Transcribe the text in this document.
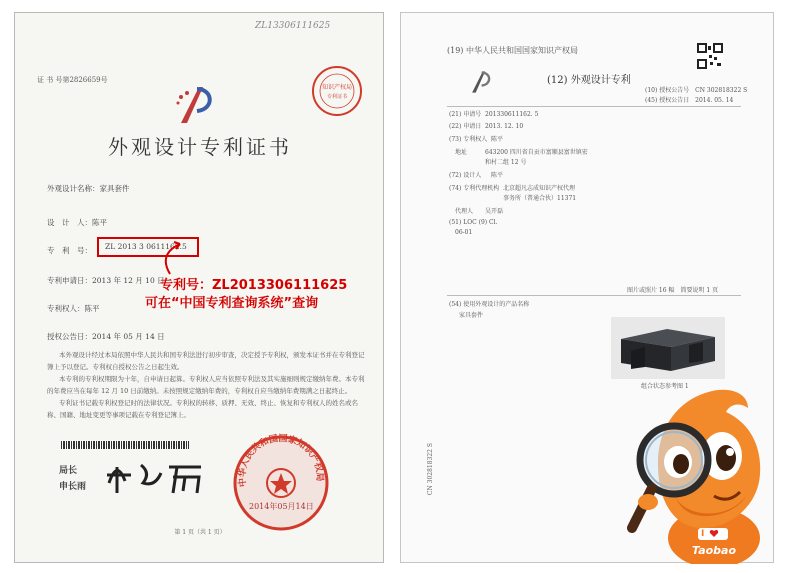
ZL13306111625
证 书 号第2826659号
知识产权局
专利证书
外观设计专利证书
外观设计名称：家具套件
设　计　人：陈平
专　利　号： ZL 2013 3 0611162.5
专利申请日：2013 年 12 月 10 日
专利权人：陈平
授权公告日：2014 年 05 月 14 日
本外观设计经过本局依照中华人民共和国专利法进行初步审查，决定授予专利权，颁发本证书并在专利登记簿上予以登记。专利权自授权公告之日起生效。
本专利的专利权期限为十年，自申请日起算。专利权人应当依照专利法及其实施细则规定缴纳年费。本专利的年费应当在每年 12 月 10 日前缴纳。未按照规定缴纳年费的，专利权自应当缴纳年费期满之日起终止。
专利证书记载专利权登记时的法律状况。专利权的转移、质押、无效、终止、恢复和专利权人的姓名或名称、国籍、地址变更等事项记载在专利登记簿上。
局长
申长雨	中华人民共和国国家知识产权局
2014年05月14日
第 1 页（共 1 页）
专利号：ZL2013306111625
可在“中国专利查询系统”查询
(19) 中华人民共和国国家知识产权局
(12) 外观设计专利
(10) 授权公告号 CN 302818322 S
(45) 授权公告日 2014. 05. 14
(21) 申请号 201330611162. 5
(22) 申请日 2013. 12. 10
(73) 专利权人 陈平
地址	643200 四川省自贡市富顺县富世镇宏
和村二组 12 号
(72) 设计人 陈平
(74) 专利代理机构 北京超凡志成知识产权代理
事务所（普通合伙）11371
代理人 吴开磊
(51) LOC (9) Cl.
06-01
图片或照片 16 幅　简要说明 1 页
(54) 使用外观设计的产品名称
家具套件
组合状态参考图 1
CN 302818322 S
I
Taobao
